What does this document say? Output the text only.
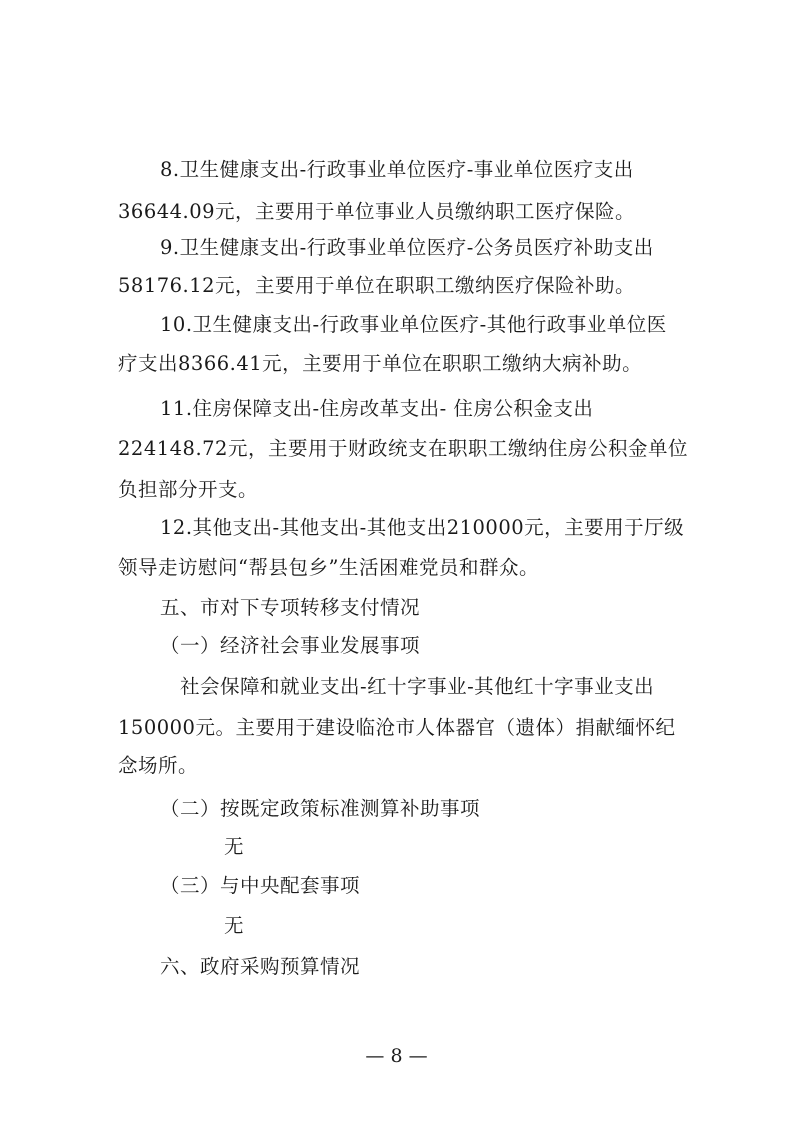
8.卫生健康支出-行政事业单位医疗-事业单位医疗支出
36644.09元，主要用于单位事业人员缴纳职工医疗保险。
9.卫生健康支出-行政事业单位医疗-公务员医疗补助支出
58176.12元，主要用于单位在职职工缴纳医疗保险补助。
10.卫生健康支出-行政事业单位医疗-其他行政事业单位医
疗支出8366.41元，主要用于单位在职职工缴纳大病补助。
11.住房保障支出-住房改革支出- 住房公积金支出
224148.72元，主要用于财政统支在职职工缴纳住房公积金单位
负担部分开支。
12.其他支出-其他支出-其他支出210000元，主要用于厅级
领导走访慰问“帮县包乡”生活困难党员和群众。
五、市对下专项转移支付情况
（一）经济社会事业发展事项
社会保障和就业支出-红十字事业-其他红十字事业支出
150000元。主要用于建设临沧市人体器官（遗体）捐献缅怀纪
念场所。
（二）按既定政策标准测算补助事项
无
（三）与中央配套事项
无
六、政府采购预算情况
— 8 —
